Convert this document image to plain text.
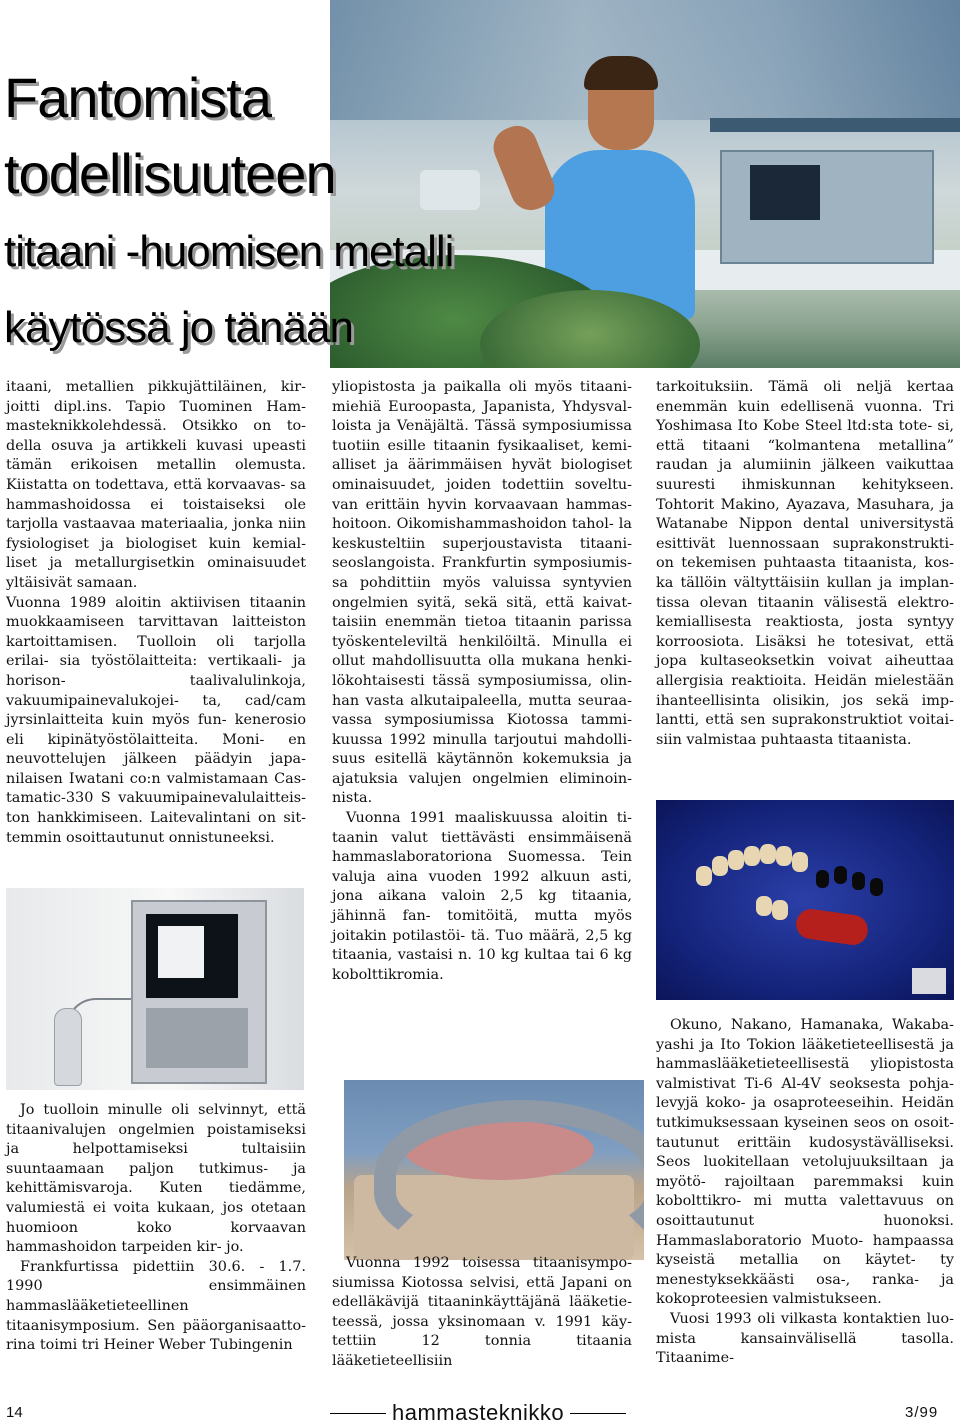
Fantomista
todellisuuteen
titaani -huomisen metalli
käytössä jo tänään

itaani, metallien pikkujättiläinen, kir- joitti dipl.ins. Tapio Tuominen Ham- masteknikkolehdessä. Otsikko on to- della osuva ja artikkeli kuvasi upeasti tämän erikoisen metallin olemusta. Kiistatta on todettava, että korvaavas- sa hammashoidossa ei toistaiseksi ole tarjolla vastaavaa materiaalia, jonka niin fysiologiset ja biologiset kuin kemial- liset ja metallurgisetkin ominaisuudet yltäisivät samaan.

Vuonna 1989 aloitin aktiivisen titaanin muokkaamiseen tarvittavan laitteiston kartoittamisen. Tuolloin oli tarjolla erilai- sia työstölaitteita: vertikaali- ja horison- taalivalulinkoja, vakuumipainevalukojei- ta, cad/cam jyrsinlaitteita kuin myös fun- kenerosio eli kipinätyöstölaitteita. Moni- en neuvottelujen jälkeen päädyin japa- nilaisen Iwatani co:n valmistamaan Cas- tamatic-330 S vakuumipainevalulaitteis- ton hankkimiseen. Laitevalintani on sit- temmin osoittautunut onnistuneeksi.

Jo tuolloin minulle oli selvinnyt, että titaanivalujen ongelmien poistamiseksi ja helpottamiseksi tultaisiin suuntaamaan paljon tutkimus- ja kehittämisvaroja. Kuten tiedämme, valumiestä ei voita kukaan, jos otetaan huomioon koko korvaavan hammashoidon tarpeiden kir- jo.

Frankfurtissa pidettiin 30.6. - 1.7. 1990 ensimmäinen hammaslääketieteellinen titaanisymposium. Sen pääorganisaatto- rina toimi tri Heiner Weber Tubingenin

yliopistosta ja paikalla oli myös titaani- miehiä Euroopasta, Japanista, Yhdysval- loista ja Venäjältä. Tässä symposiumissa tuotiin esille titaanin fysikaaliset, kemi- alliset ja äärimmäisen hyvät biologiset ominaisuudet, joiden todettiin soveltu- van erittäin hyvin korvaavaan hammas- hoitoon. Oikomishammashoidon tahol- la keskusteltiin superjoustavista titaani- seoslangoista. Frankfurtin symposiumis- sa pohdittiin myös valuissa syntyvien ongelmien syitä, sekä sitä, että kaivat- taisiin enemmän tietoa titaanin parissa työskenteleviltä henkilöiltä. Minulla ei ollut mahdollisuutta olla mukana henki- lökohtaisesti tässä symposiumissa, olin- han vasta alkutaipaleella, mutta seuraa- vassa symposiumissa Kiotossa tammi- kuussa 1992 minulla tarjoutui mahdolli- suus esitellä käytännön kokemuksia ja ajatuksia valujen ongelmien eliminoin- nista.

Vuonna 1991 maaliskuussa aloitin ti- taanin valut tiettävästi ensimmäisenä hammaslaboratoriona Suomessa. Tein valuja aina vuoden 1992 alkuun asti, jona aikana valoin 2,5 kg titaania, jähinnä fan- tomitöitä, mutta myös joitakin potilastöi- tä. Tuo määrä, 2,5 kg titaania, vastaisi n. 10 kg kultaa tai 6 kg kobolttikromia.

Vuonna 1992 toisessa titaanisympo- siumissa Kiotossa selvisi, että Japani on edelläkävijä titaaninkäyttäjänä lääketie- teessä, jossa yksinomaan v. 1991 käy- tettiin 12 tonnia titaania lääketieteellisiin

tarkoituksiin. Tämä oli neljä kertaa enemmän kuin edellisenä vuonna. Tri Yoshimasa Ito Kobe Steel ltd:sta tote- si, että titaani “kolmantena metallina” raudan ja alumiinin jälkeen vaikuttaa suuresti ihmiskunnan kehitykseen. Tohtorit Makino, Ayazava, Masuhara, ja Watanabe Nippon dental universitystä esittivät luennossaan suprakonstrukti- on tekemisen puhtaasta titaanista, kos- ka tällöin vältyttäisiin kullan ja implan- tissa olevan titaanin välisestä elektro- kemiallisesta reaktiosta, josta syntyy korroosiota. Lisäksi he totesivat, että jopa kultaseoksetkin voivat aiheuttaa allergisia reaktioita. Heidän mielestään ihanteellisinta olisikin, jos sekä imp- lantti, että sen suprakonstruktiot voitai- siin valmistaa puhtaasta titaanista.

Okuno, Nakano, Hamanaka, Wakaba- yashi ja Ito Tokion lääketieteellisestä ja hammaslääketieteellisestä yliopistosta valmistivat Ti-6 Al-4V seoksesta pohja- levyjä koko- ja osaproteeseihin. Heidän tutkimuksessaan kyseinen seos on osoit- tautunut erittäin kudosystävälliseksi. Seos luokitellaan vetolujuuksiltaan ja myötö- rajoiltaan paremmaksi kuin kobolttikro- mi mutta valettavuus on osoittautunut huonoksi. Hammaslaboratorio Muoto- hampaassa kyseistä metallia on käytet- ty menestyksekkäästi osa-, ranka- ja kokoproteesien valmistukseen.

Vuosi 1993 oli vilkasta kontaktien luo- mista kansainvälisellä tasolla. Titaanime-

14	hammasteknikko	3/99
